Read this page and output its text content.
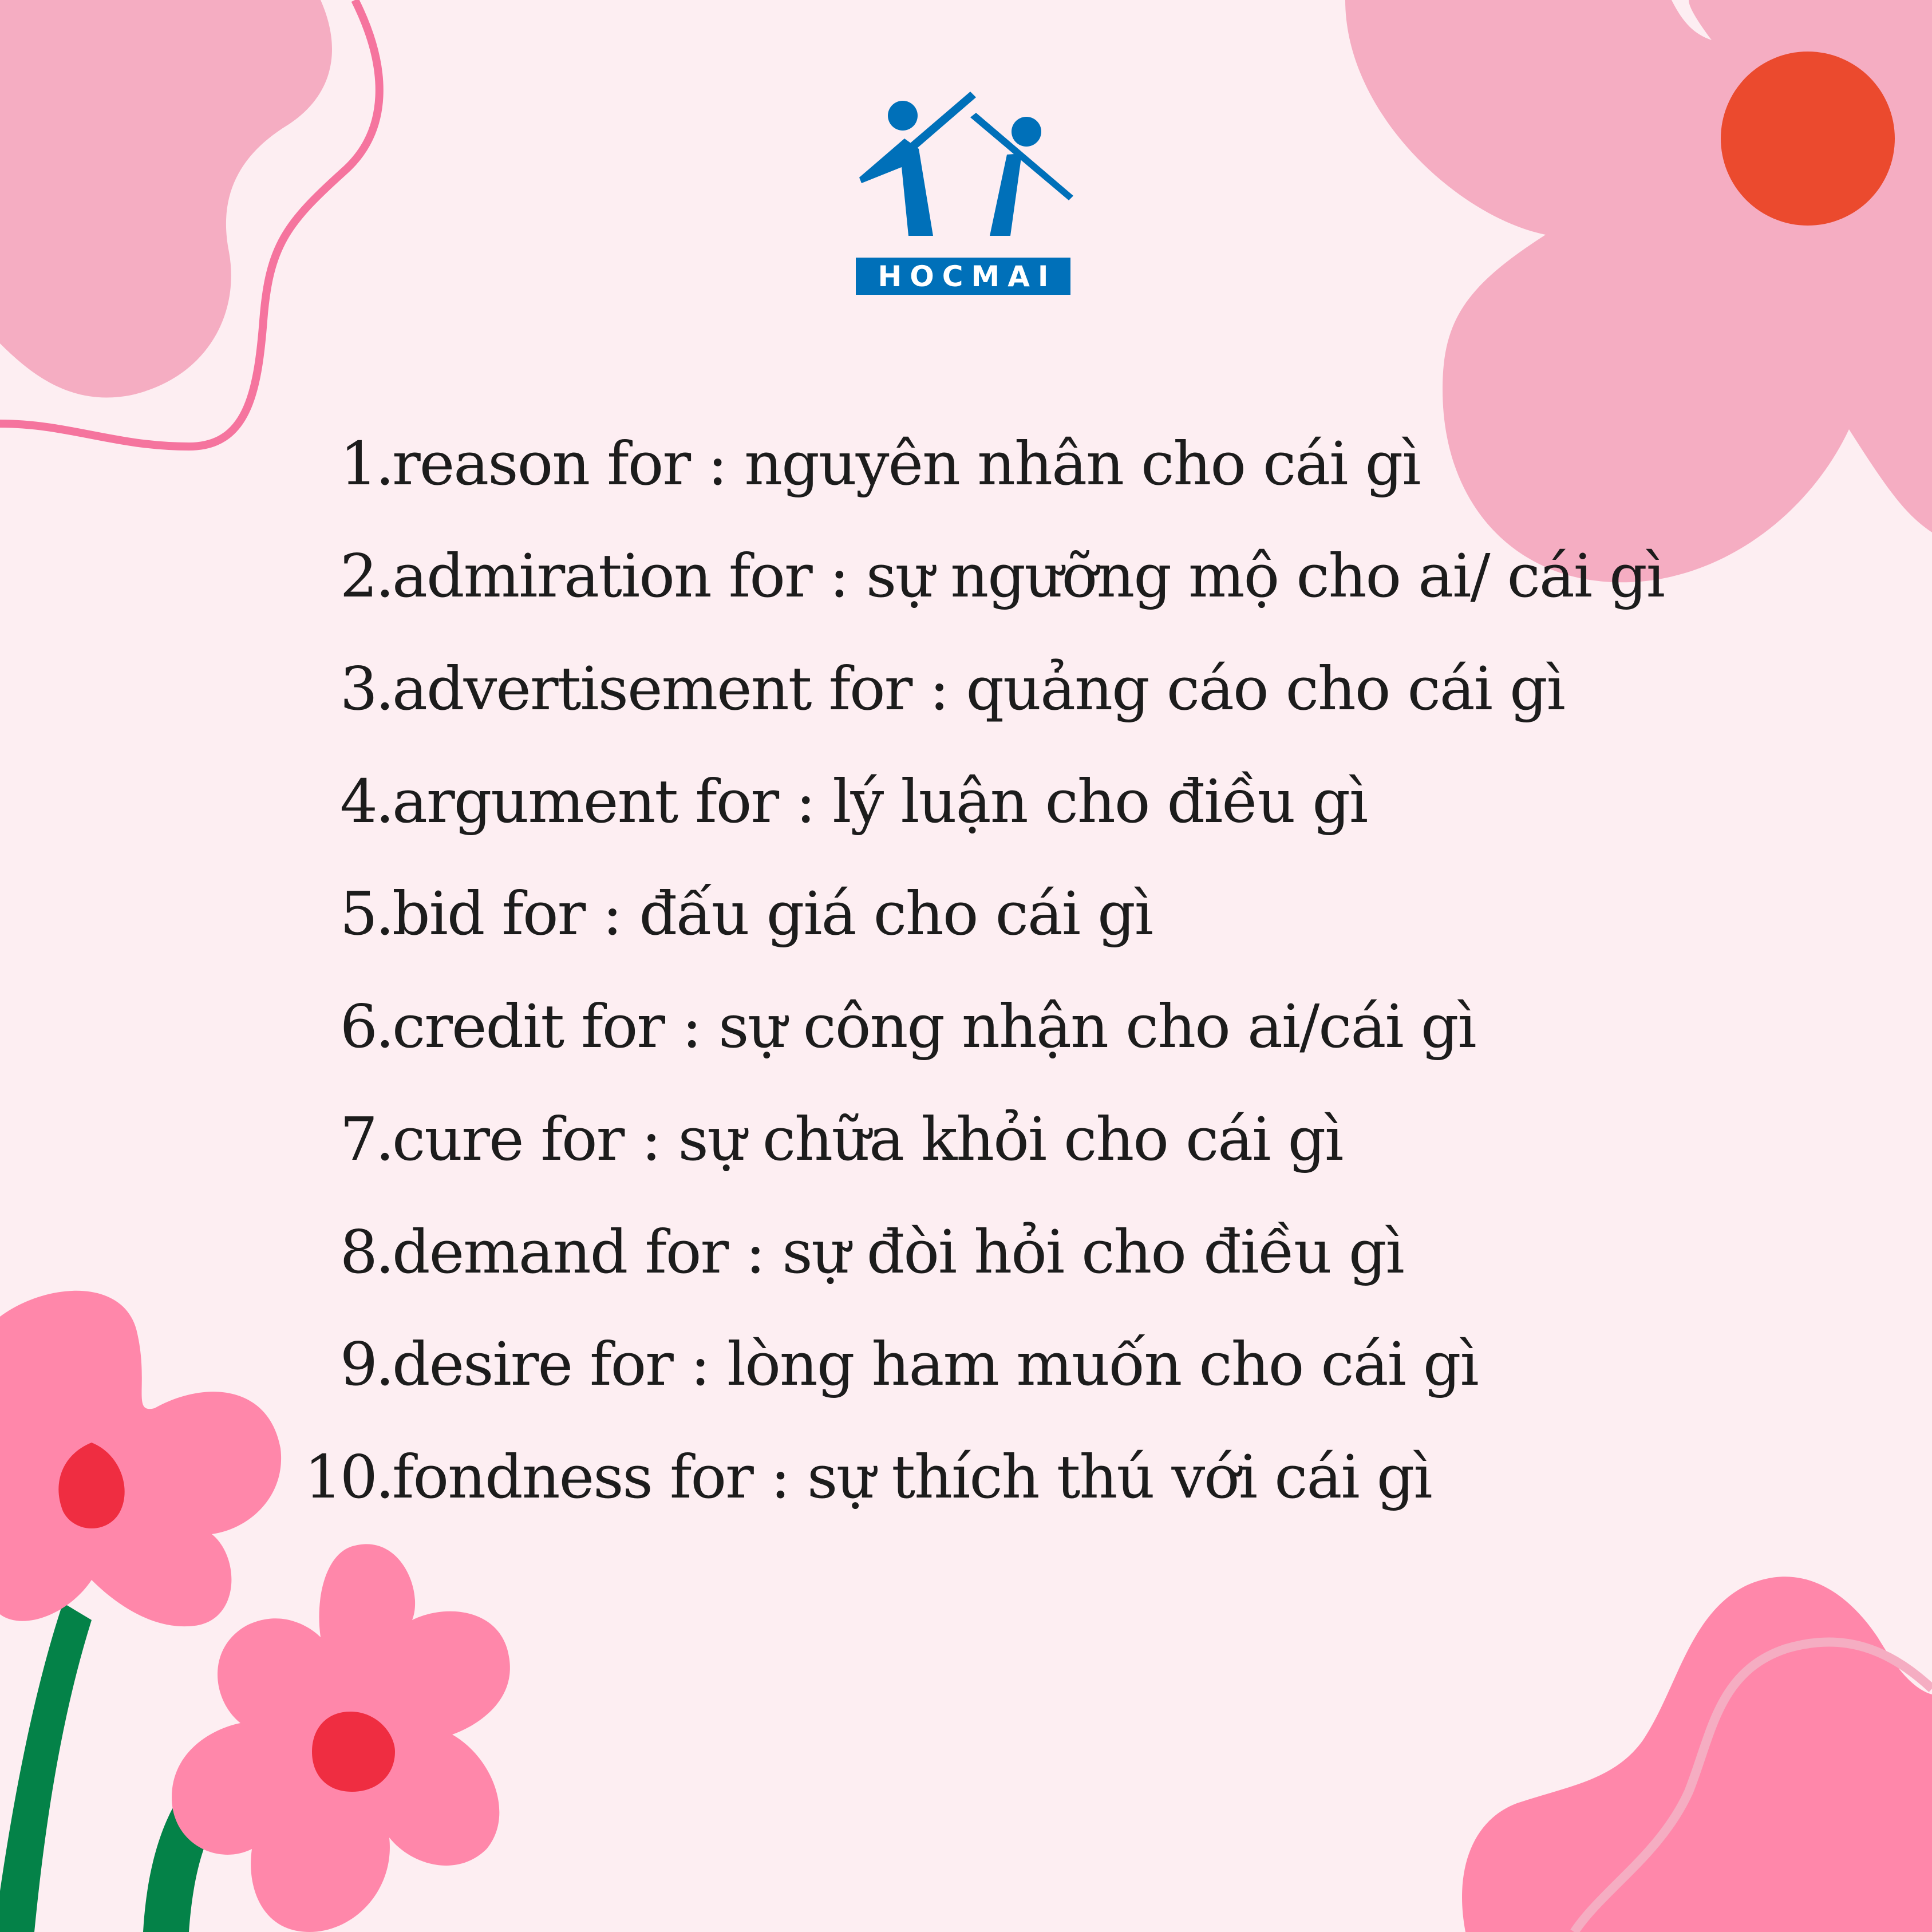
HOCMAI
1.reason for : nguyên nhân cho cái gì
2.admiration for : sự ngưỡng mộ cho ai/ cái gì
3.advertisement for : quảng cáo cho cái gì
4.argument for : lý luận cho điều gì
5.bid for : đấu giá cho cái gì
6.credit for : sự công nhận cho ai/cái gì
7.cure for : sự chữa khỏi cho cái gì
8.demand for : sự đòi hỏi cho điều gì
9.desire for : lòng ham muốn cho cái gì
10.fondness for : sự thích thú với cái gì
